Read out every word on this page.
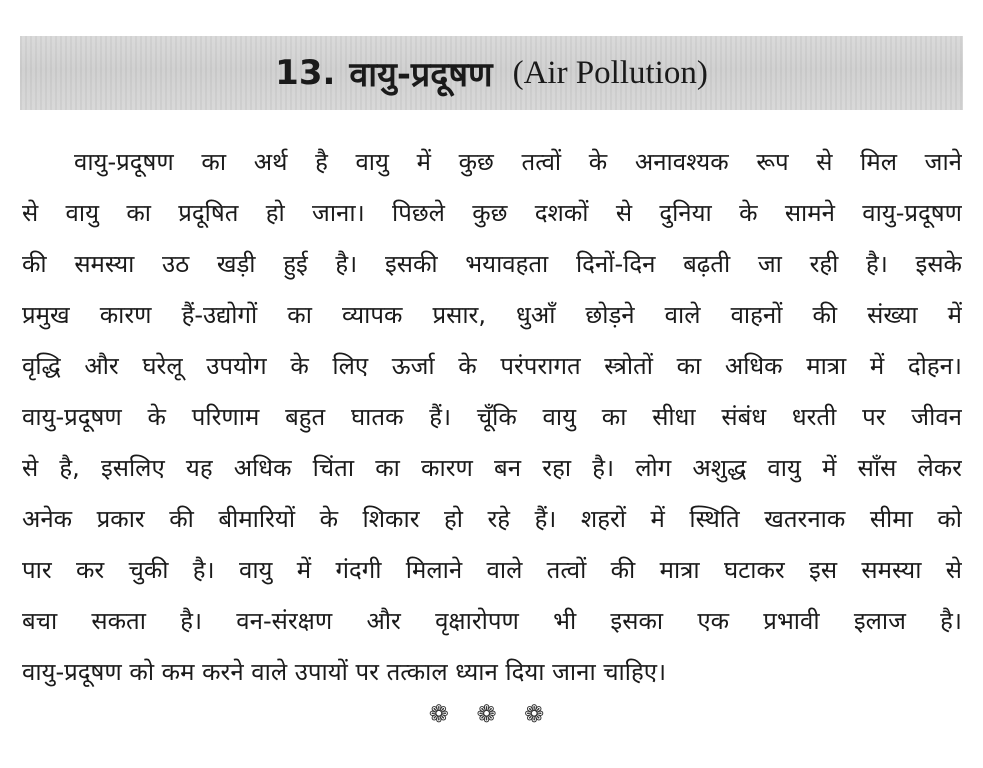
13. वायु-प्रदूषण (Air Pollution)
वायु-प्रदूषण का अर्थ है वायु में कुछ तत्वों के अनावश्यक रूप से मिल जाने
से वायु का प्रदूषित हो जाना। पिछले कुछ दशकों से दुनिया के सामने वायु-प्रदूषण
की समस्या उठ खड़ी हुई है। इसकी भयावहता दिनों-दिन बढ़ती जा रही है। इसके
प्रमुख कारण हैं-उद्योगों का व्यापक प्रसार, धुआँ छोड़ने वाले वाहनों की संख्या में
वृद्धि और घरेलू उपयोग के लिए ऊर्जा के परंपरागत स्त्रोतों का अधिक मात्रा में दोहन।
वायु-प्रदूषण के परिणाम बहुत घातक हैं। चूँकि वायु का सीधा संबंध धरती पर जीवन
से है, इसलिए यह अधिक चिंता का कारण बन रहा है। लोग अशुद्ध वायु में साँस लेकर
अनेक प्रकार की बीमारियों के शिकार हो रहे हैं। शहरों में स्थिति खतरनाक सीमा को
पार कर चुकी है। वायु में गंदगी मिलाने वाले तत्वों की मात्रा घटाकर इस समस्या से
बचा सकता है। वन-संरक्षण और वृक्षारोपण भी इसका एक प्रभावी इलाज है।
वायु-प्रदूषण को कम करने वाले उपायों पर तत्काल ध्यान दिया जाना चाहिए।
❁ ❁ ❁
